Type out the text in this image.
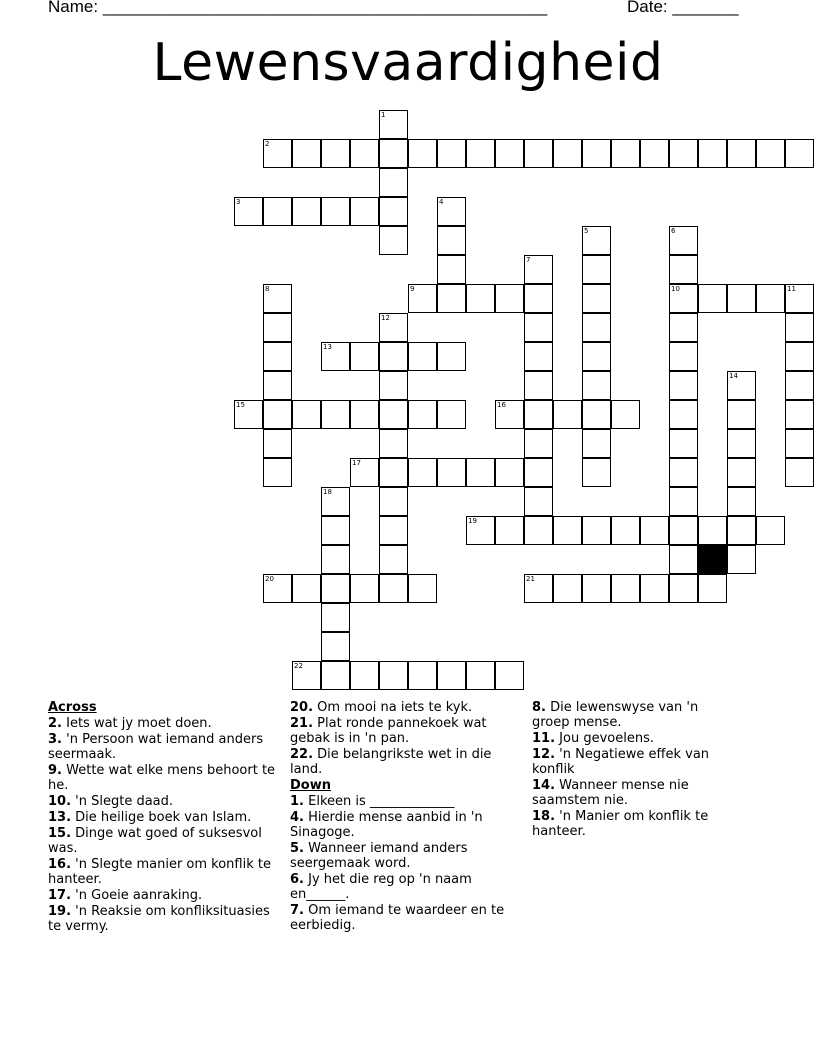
Name: _______________________________________________	Date: _______
Lewensvaardigheid
1
2
3	4
5	6
7
8	9	10	11
12
13
14
15	16
17
18
19
20	21
22
Across

2. Iets wat jy moet doen.

3. 'n Persoon wat iemand anders seermaak.

9. Wette wat elke mens behoort te he.

10. 'n Slegte daad.

13. Die heilige boek van Islam.

15. Dinge wat goed of suksesvol was.

16. 'n Slegte manier om konflik te hanteer.

17. 'n Goeie aanraking.

19. 'n Reaksie om konfliksituasies te vermy.

20. Om mooi na iets te kyk.

21. Plat ronde pannekoek wat gebak is in 'n pan.

22. Die belangrikste wet in die land.

Down

1. Elkeen is _____________

4. Hierdie mense aanbid in 'n Sinagoge.

5. Wanneer iemand anders seergemaak word.

6. Jy het die reg op 'n naam en______.

7. Om iemand te waardeer en te eerbiedig.

8. Die lewenswyse van 'n groep mense.

11. Jou gevoelens.

12. 'n Negatiewe effek van konflik

14. Wanneer mense nie saamstem nie.

18. 'n Manier om konflik te hanteer.
